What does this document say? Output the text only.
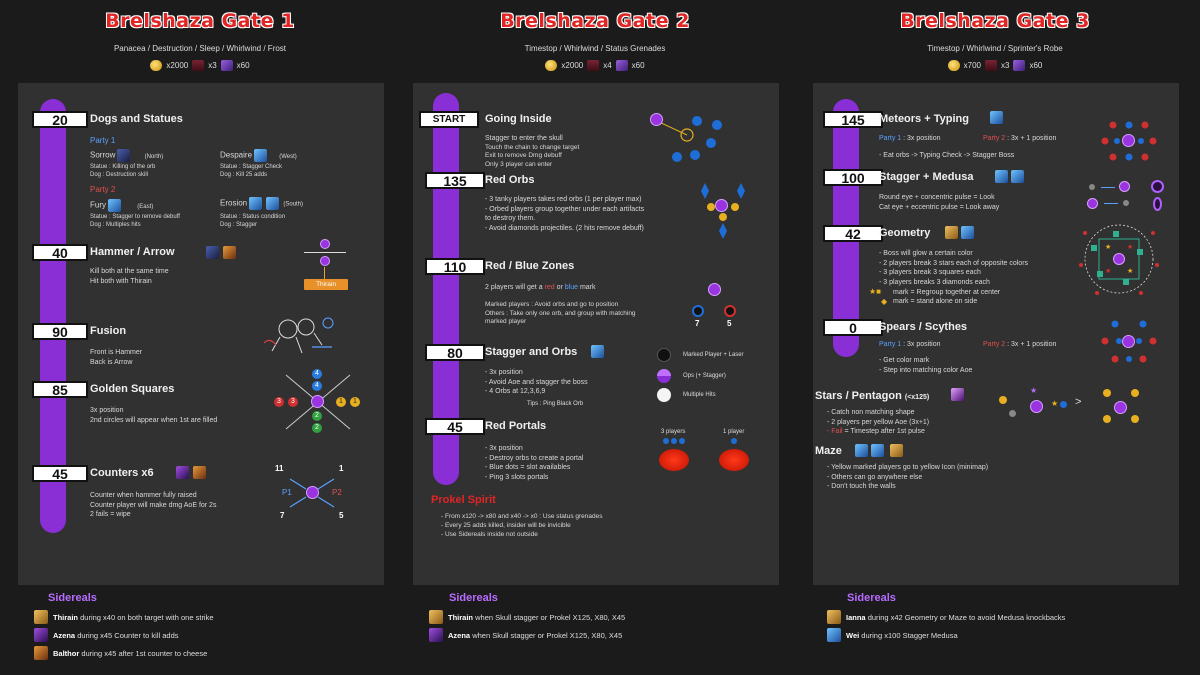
Brelshaza Gate 1
Panacea / Destruction / Sleep / Whirlwind / Frost
x2000	x3	x60
20	Dogs and Statues
Party 1
Sorrow	(North)
Statue : Killing of the orb
Dog : Destruction skill
Despaire	(West)
Statue : Stagger Check
Dog : Kill 25 adds
Party 2
Fury	(East)
Statue : Stagger to remove debuff
Dog : Multiples hits
Erosion	(South)
Statue : Status condition
Dog : Stagger
40	Hammer / Arrow
Kill both at the same time
Hit both with Thirain	Thirain
90	Fusion
Front is Hammer
Back is Arrow
85	Golden Squares
3x position
2nd circles will appear when 1st are filled
4
4
3	3	1	1
2
2
45	Counters x6
Counter when hammer fully raised
Counter player will make dmg AoE for 2s
2 fails = wipe
11	1
7	5
P1	P2
Sidereals
Thirain during x40 on both target with one strike
Azena during x45 Counter to kill adds
Balthor during x45 after 1st counter to cheese
Brelshaza Gate 2
Timestop / Whirlwind / Status Grenades
x2000	x4	x60
START	Going Inside
Stagger to enter the skull
Touch the chain to change target
Exit to remove Dmg debuff
Only 3 player can enter
135	Red Orbs
- 3 tanky players takes red orbs (1 per player max)
- Orbed players group together under each artifacts
to destroy them.
- Avoid diamonds projectiles. (2 hits remove debuff)
110	Red / Blue Zones
2 players will get a red or blue mark
Marked players : Avoid orbs and go to position
Others : Take only one orb, and group with matching
marked player	7	5
80	Stagger and Orbs
- 3x position
- Avoid Aoe and stagger the boss
- 4 Orbs at 12,3,6,9
Tips : Ping Black Orb
Marked Player + Laser
Ops (+ Stagger)
Multiple Hits
45	Red Portals
- 3x position
- Destroy orbs to create a portal
- Blue dots = slot availables
- Ping 3 slots portals
3 players	1 player
Prokel Spirit
- From x120 -> x80 and x40 -> x0 : Use status grenades
- Every 25 adds killed, insider will be invicible
- Use Sidereals inside not outside
Sidereals
Thirain when Skull stagger or Prokel X125, X80, X45
Azena when Skull stagger or Prokel X125, X80, X45
Brelshaza Gate 3
Timestop / Whirlwind / Sprinter's Robe
x700	x3	x60
145	Meteors + Typing
Party 1 : 3x position	Party 2 : 3x + 1 position
- Eat orbs -> Typing Check -> Stagger Boss
100	Stagger + Medusa
Round eye + concentric pulse = Look
Cat eye + eccentric pulse = Look away
42	Geometry
- Boss will glow a certain color
- 2 players break 3 stars each of opposite colors
- 3 players break 3 squares each
- 3 players breaks 3 diamonds each
★■ mark = Regroup together at center
◆ mark = stand alone on side
★
★
★
★
0	Spears / Scythes
Party 1 : 3x position	Party 2 : 3x + 1 position
- Get color mark
- Step into matching color Aoe
Stars / Pentagon (<x125)
- Catch non matching shape
- 2 players per yellow Aoe (3x+1)
- Fail = Timestep after 1st pulse
★
★ >
Maze
- Yellow marked players go to yellow Icon (minimap)
- Others can go anywhere else
- Don't touch the walls
Sidereals
Ianna during x42 Geometry or Maze to avoid Medusa knockbacks
Wei during x100 Stagger Medusa
